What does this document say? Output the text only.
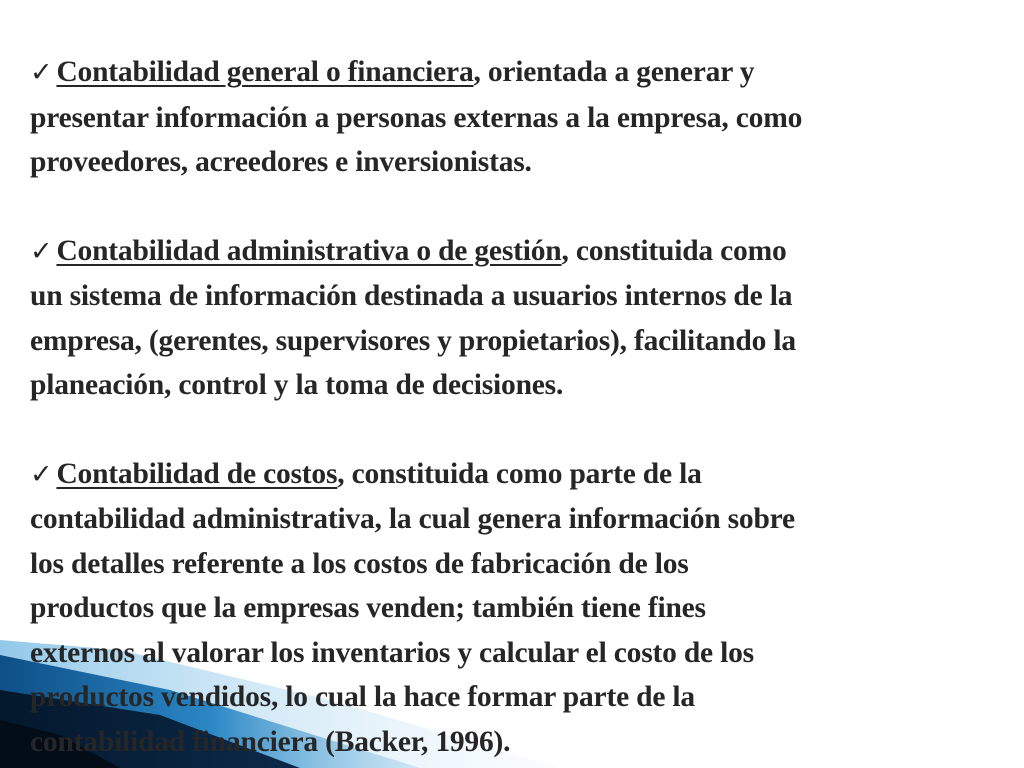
✓ Contabilidad general o financiera, orientada a generar y
presentar información a personas externas a la empresa, como
proveedores, acreedores e inversionistas.

✓ Contabilidad administrativa o de gestión, constituida como
un sistema de información destinada a usuarios internos de la
empresa, (gerentes, supervisores y propietarios), facilitando la
planeación, control y la toma de decisiones.

✓ Contabilidad de costos, constituida como parte de la
contabilidad administrativa, la cual genera información sobre
los detalles referente a los costos de fabricación de los
productos que la empresas venden; también tiene fines
externos al valorar los inventarios y calcular el costo de los
productos vendidos, lo cual la hace formar parte de la
contabilidad financiera (Backer, 1996).
